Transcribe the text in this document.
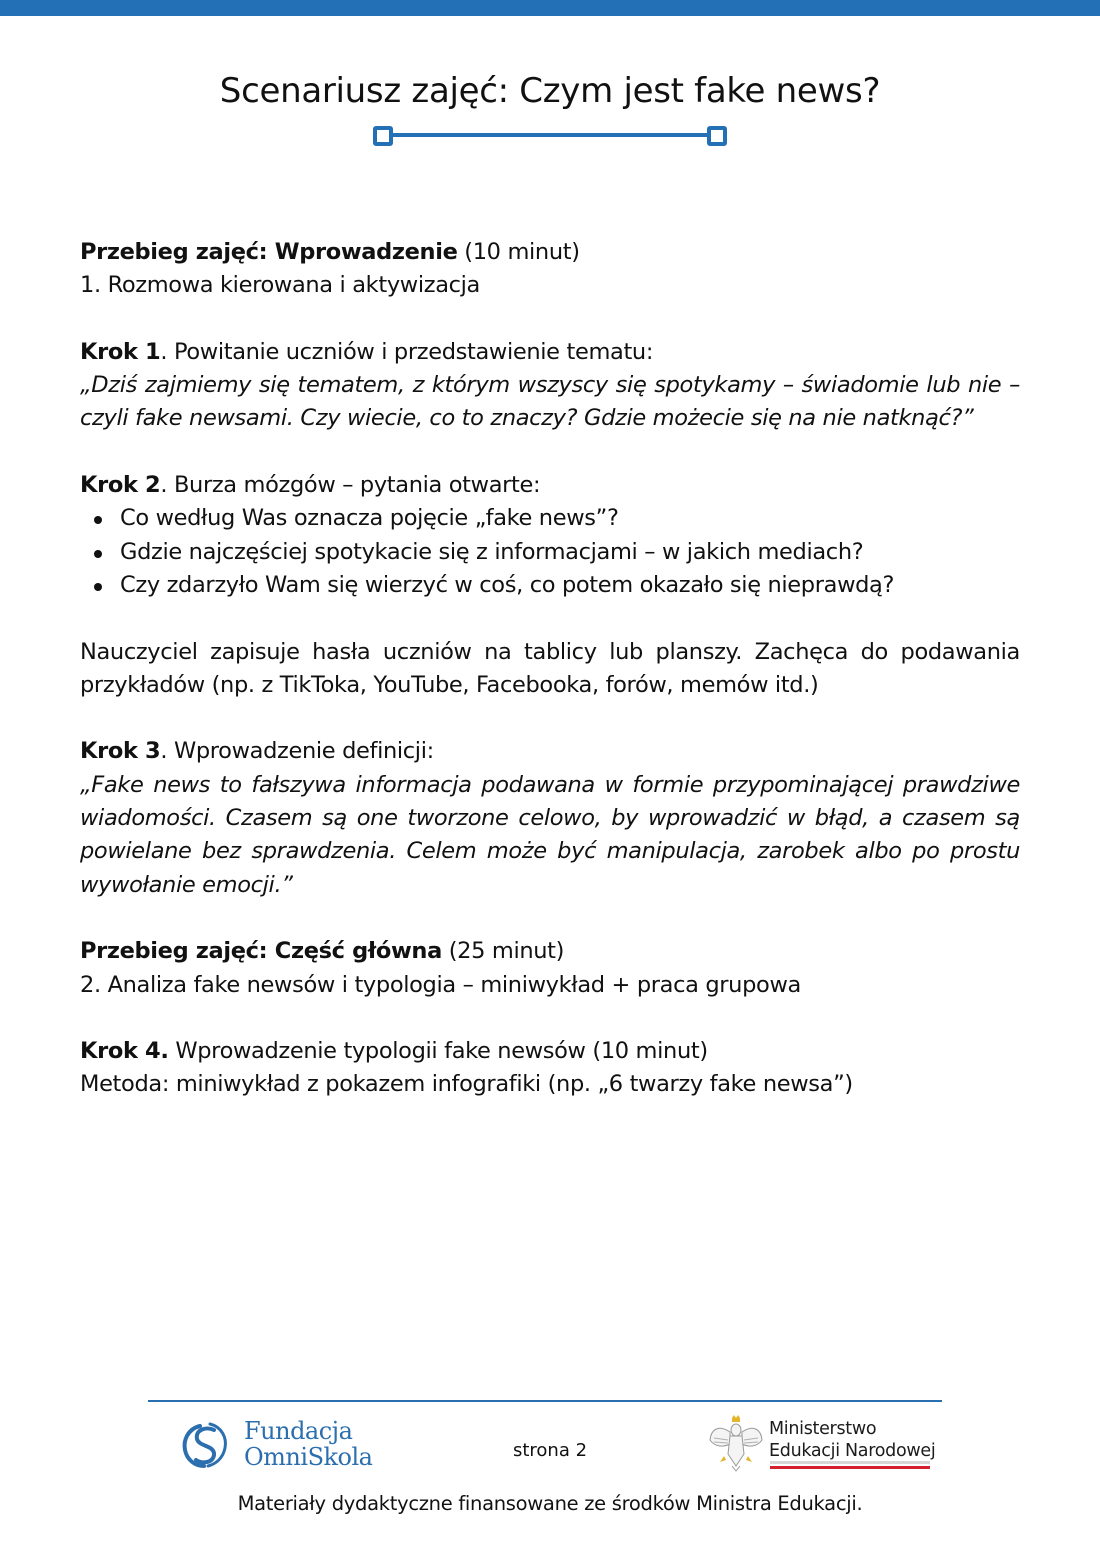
Scenariusz zajęć: Czym jest fake news?

Przebieg zajęć: Wprowadzenie (10 minut)

1. Rozmowa kierowana i aktywizacja

Krok 1. Powitanie uczniów i przedstawienie tematu:

„Dziś zajmiemy się tematem, z którym wszyscy się spotykamy – świadomie lub nie – czyli fake newsami. Czy wiecie, co to znaczy? Gdzie możecie się na nie natknąć?”

Krok 2. Burza mózgów – pytania otwarte:

Co według Was oznacza pojęcie „fake news”?
Gdzie najczęściej spotykacie się z informacjami – w jakich mediach?
Czy zdarzyło Wam się wierzyć w coś, co potem okazało się nieprawdą?

Nauczyciel zapisuje hasła uczniów na tablicy lub planszy. Zachęca do podawania przykładów (np. z TikToka, YouTube, Facebooka, forów, memów itd.)

Krok 3. Wprowadzenie definicji:

„Fake news to fałszywa informacja podawana w formie przypominającej prawdziwe wiadomości. Czasem są one tworzone celowo, by wprowadzić w błąd, a czasem są powielane bez sprawdzenia. Celem może być manipulacja, zarobek albo po prostu wywołanie emocji.”

Przebieg zajęć: Część główna (25 minut)

2. Analiza fake newsów i typologia – miniwykład + praca grupowa

Krok 4. Wprowadzenie typologii fake newsów (10 minut)

Metoda: miniwykład z pokazem infografiki (np. „6 twarzy fake newsa”)

Fundacja
OmniSkola	strona 2
Ministerstwo
Edukacji Narodowej
Materiały dydaktyczne finansowane ze środków Ministra Edukacji.
